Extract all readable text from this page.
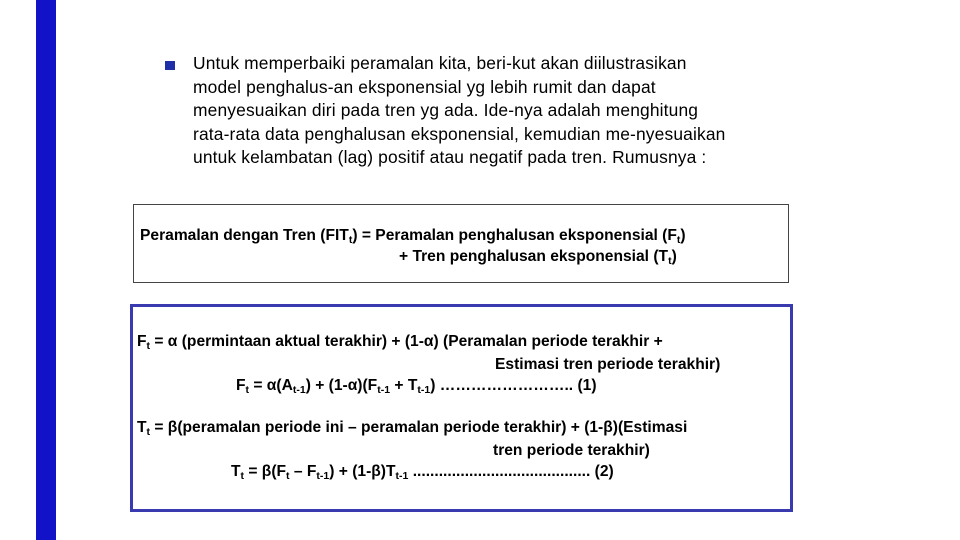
Untuk memperbaiki peramalan kita, beri-kut akan diilustrasikan
model penghalus-an eksponensial yg lebih rumit dan dapat
menyesuaikan diri pada tren yg ada. Ide-nya adalah menghitung
rata-rata data penghalusan eksponensial, kemudian me-nyesuaikan
untuk kelambatan (lag) positif atau negatif pada tren. Rumusnya :
Peramalan dengan Tren $(FIT_t)$ = Peramalan penghalusan eksponensial $(F_t)$
+ Tren penghalusan eksponensial $(T_t)$
$F_t = \alpha$ (permintaan aktual terakhir) + (1-α) (Peramalan periode terakhir +
Estimasi tren periode terakhir)
$F_t = \alpha(A_{t-1}) + (1-\alpha)(F_{t-1} + T_{t-1})$ …………………….. (1)
$T_t$ = β(peramalan periode ini – peramalan periode terakhir) + (1-β)(Estimasi
tren periode terakhir)
$T_t = \beta(F_t - F_{t-1}) + (1-\beta)T_{t-1}$ ......................................... (2)
